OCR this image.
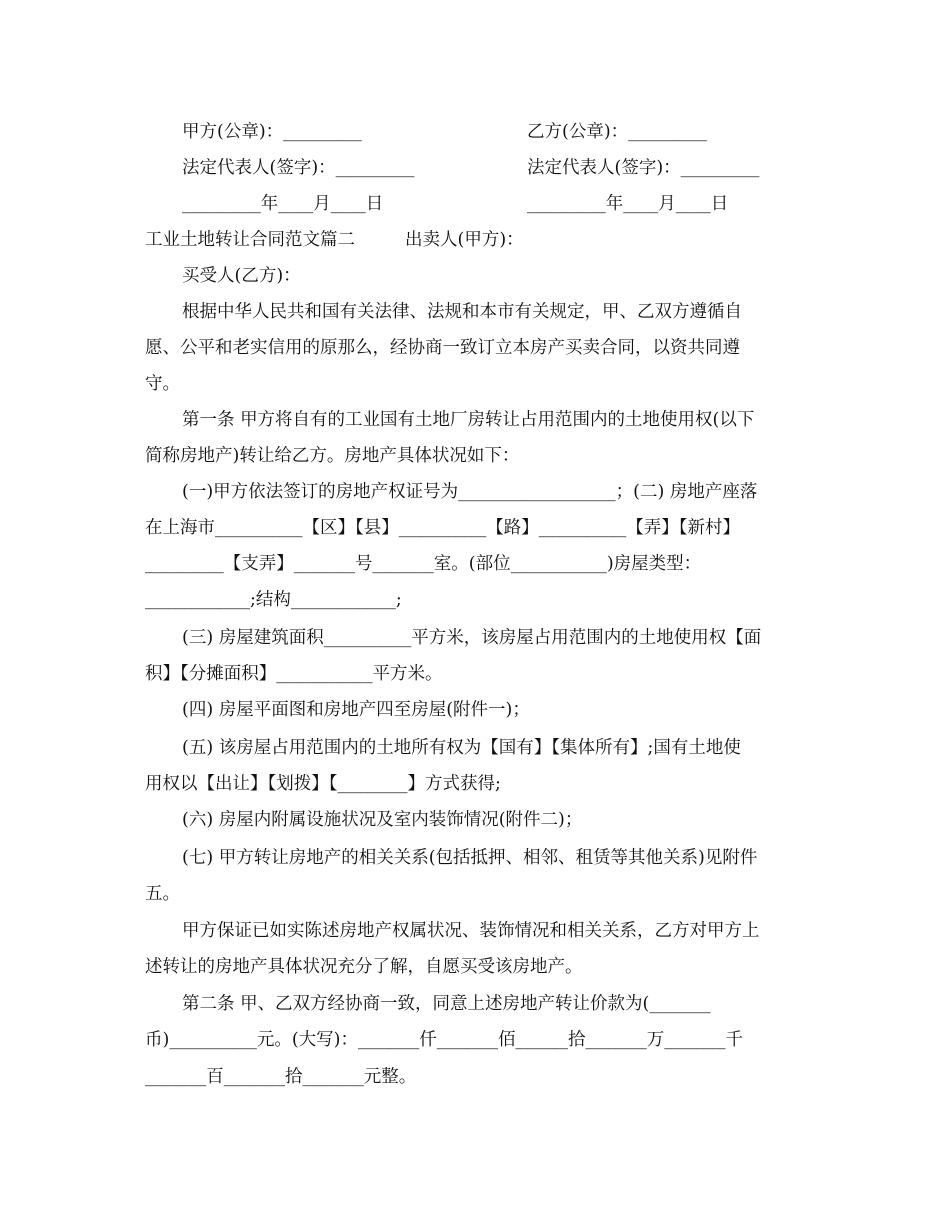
甲方(公章)：_________	乙方(公章)：_________
法定代表人(签字)：_________	法定代表人(签字)：_________
_________年____月____日	_________年____月____日
工业土地转让合同范文篇二	出卖人(甲方)：
买受人(乙方)：
根据中华人民共和国有关法律、法规和本市有关规定，甲、乙双方遵循自
愿、公平和老实信用的原那么，经协商一致订立本房产买卖合同，以资共同遵
守。
第一条 甲方将自有的工业国有土地厂房转让占用范围内的土地使用权(以下
简称房地产)转让给乙方。房地产具体状况如下：
(一)甲方依法签订的房地产权证号为__________________；(二) 房地产座落
在上海市__________【区】【县】__________【路】__________【弄】【新村】
_________【支弄】_______号_______室。(部位___________)房屋类型：
____________;结构____________;
(三) 房屋建筑面积__________平方米，该房屋占用范围内的土地使用权【面
积】【分摊面积】___________平方米。
(四) 房屋平面图和房地产四至房屋(附件一)；
(五) 该房屋占用范围内的土地所有权为【国有】【集体所有】;国有土地使
用权以【出让】【划拨】【________】方式获得;
(六) 房屋内附属设施状况及室内装饰情况(附件二)；
(七) 甲方转让房地产的相关关系(包括抵押、相邻、租赁等其他关系)见附件
五。
甲方保证已如实陈述房地产权属状况、装饰情况和相关关系，乙方对甲方上
述转让的房地产具体状况充分了解，自愿买受该房地产。
第二条 甲、乙双方经协商一致，同意上述房地产转让价款为(_______
币)__________元。(大写)：_______仟_______佰______拾_______万_______千
_______百_______拾_______元整。
